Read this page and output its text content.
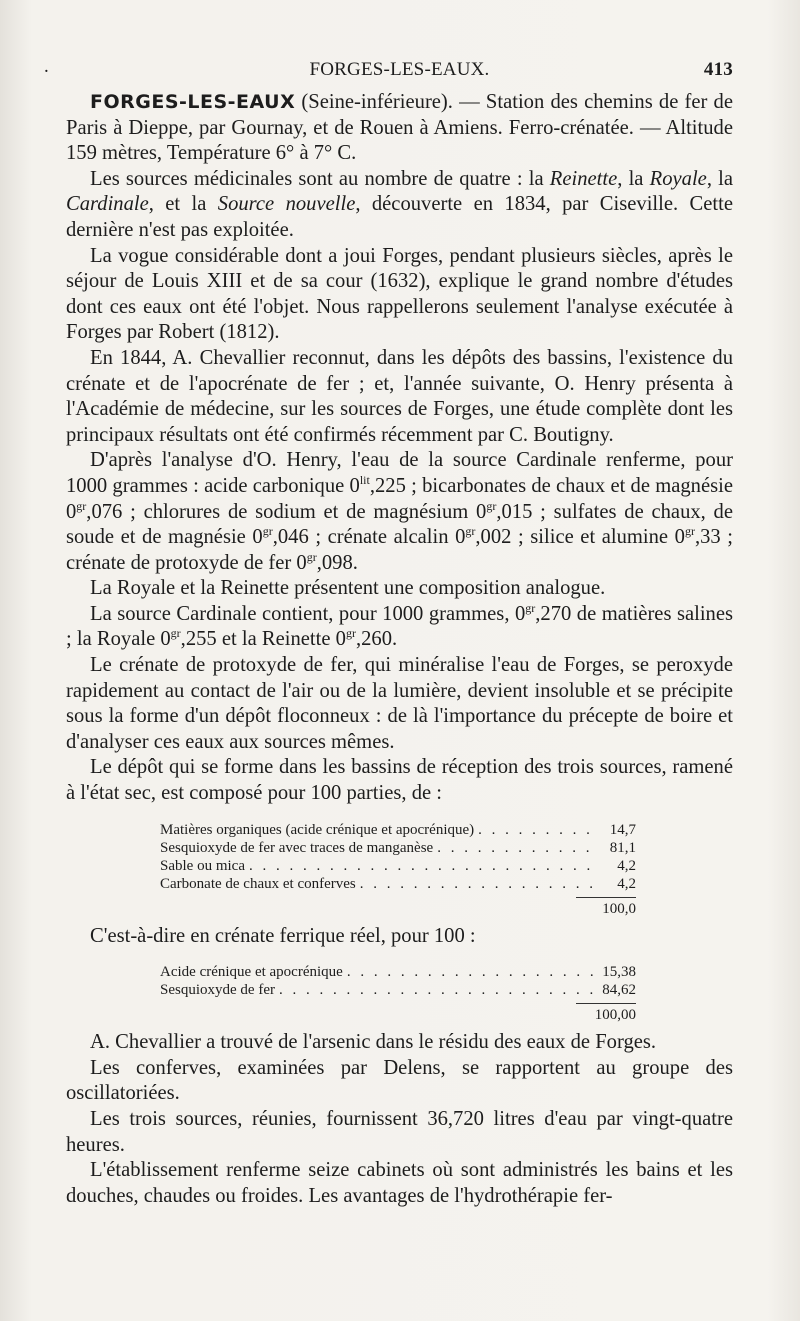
.	FORGES-LES-EAUX.	413

FORGES-LES-EAUX (Seine-inférieure). — Station des chemins de fer de Paris à Dieppe, par Gournay, et de Rouen à Amiens. Ferro-crénatée. — Altitude 159 mètres, Température 6° à 7° C.

Les sources médicinales sont au nombre de quatre : la Reinette, la Royale, la Cardinale, et la Source nouvelle, découverte en 1834, par Ciseville. Cette dernière n'est pas exploitée.

La vogue considérable dont a joui Forges, pendant plusieurs siècles, après le séjour de Louis XIII et de sa cour (1632), explique le grand nombre d'études dont ces eaux ont été l'objet. Nous rappellerons seulement l'analyse exécutée à Forges par Robert (1812).

En 1844, A. Chevallier reconnut, dans les dépôts des bassins, l'existence du crénate et de l'apocrénate de fer ; et, l'année suivante, O. Henry présenta à l'Académie de médecine, sur les sources de Forges, une étude complète dont les principaux résultats ont été confirmés récemment par C. Boutigny.

D'après l'analyse d'O. Henry, l'eau de la source Cardinale renferme, pour 1000 grammes : acide carbonique $0^{lit},225$ ; bicarbonates de chaux et de magnésie $0^{gr},076$ ; chlorures de sodium et de magnésium $0^{gr},015$ ; sulfates de chaux, de soude et de magnésie $0^{gr},046$ ; crénate alcalin $0^{gr},002$ ; silice et alumine $0^{gr},33$ ; crénate de protoxyde de fer $0^{gr},098$.

La Royale et la Reinette présentent une composition analogue.

La source Cardinale contient, pour 1000 grammes, $0^{gr},270$ de matières salines ; la Royale $0^{gr},255$ et la Reinette $0^{gr},260$.

Le crénate de protoxyde de fer, qui minéralise l'eau de Forges, se peroxyde rapidement au contact de l'air ou de la lumière, devient insoluble et se précipite sous la forme d'un dépôt floconneux : de là l'importance du précepte de boire et d'analyser ces eaux aux sources mêmes.

Le dépôt qui se forme dans les bassins de réception des trois sources, ramené à l'état sec, est composé pour 100 parties, de :

Matières organiques (acide crénique et apocrénique) . . .	14,7
Sesquioxyde de fer avec traces de manganèse . . .	81,1
Sable ou mica . . .	4,2
Carbonate de chaux et conferves . . .	4,2
100,0

C'est-à-dire en crénate ferrique réel, pour 100 :

Acide crénique et apocrénique . . .	15,38
Sesquioxyde de fer . . .	84,62
100,00

A. Chevallier a trouvé de l'arsenic dans le résidu des eaux de Forges.

Les conferves, examinées par Delens, se rapportent au groupe des oscillatoriées.

Les trois sources, réunies, fournissent 36,720 litres d'eau par vingt-quatre heures.

L'établissement renferme seize cabinets où sont administrés les bains et les douches, chaudes ou froides. Les avantages de l'hydrothérapie fer-
